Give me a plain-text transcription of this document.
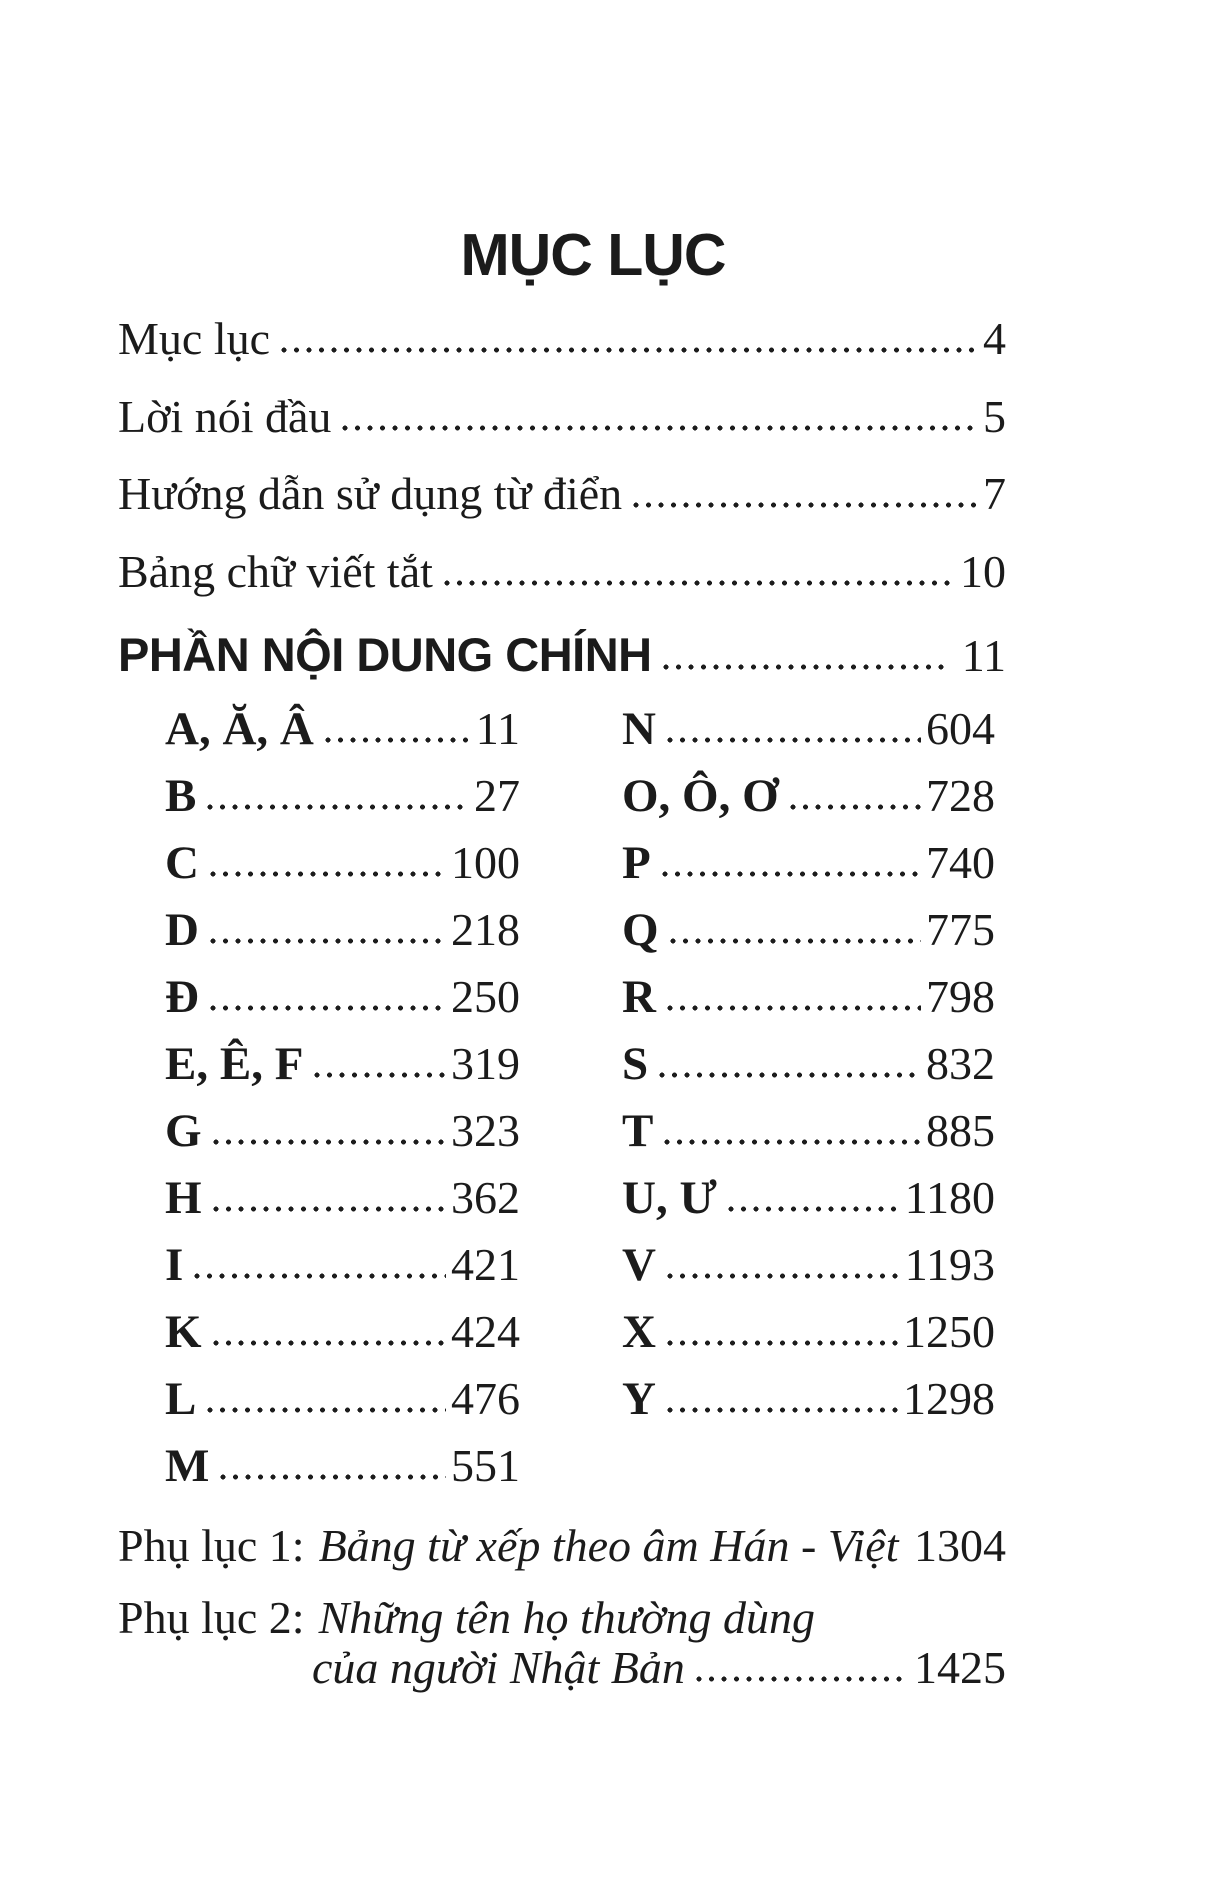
MỤC LỤC
Mục lục	4
Lời nói đầu	5
Hướng dẫn sử dụng từ điển	7
Bảng chữ viết tắt	10
PHẦN NỘI DUNG CHÍNH	11
A, Ă, Â	11
B	27
C	100
D	218
Đ	250
E, Ê, F	319
G	323
H	362
I	421
K	424
L	476
M	551
N	604
O, Ô, Ơ	728
P	740
Q	775
R	798
S	832
T	885
U, Ư	1180
V	1193
X	1250
Y	1298
Phụ lục 1: Bảng từ xếp theo âm Hán - Việt 1304
Phụ lục 2: Những tên họ thường dùng
của người Nhật Bản	1425
